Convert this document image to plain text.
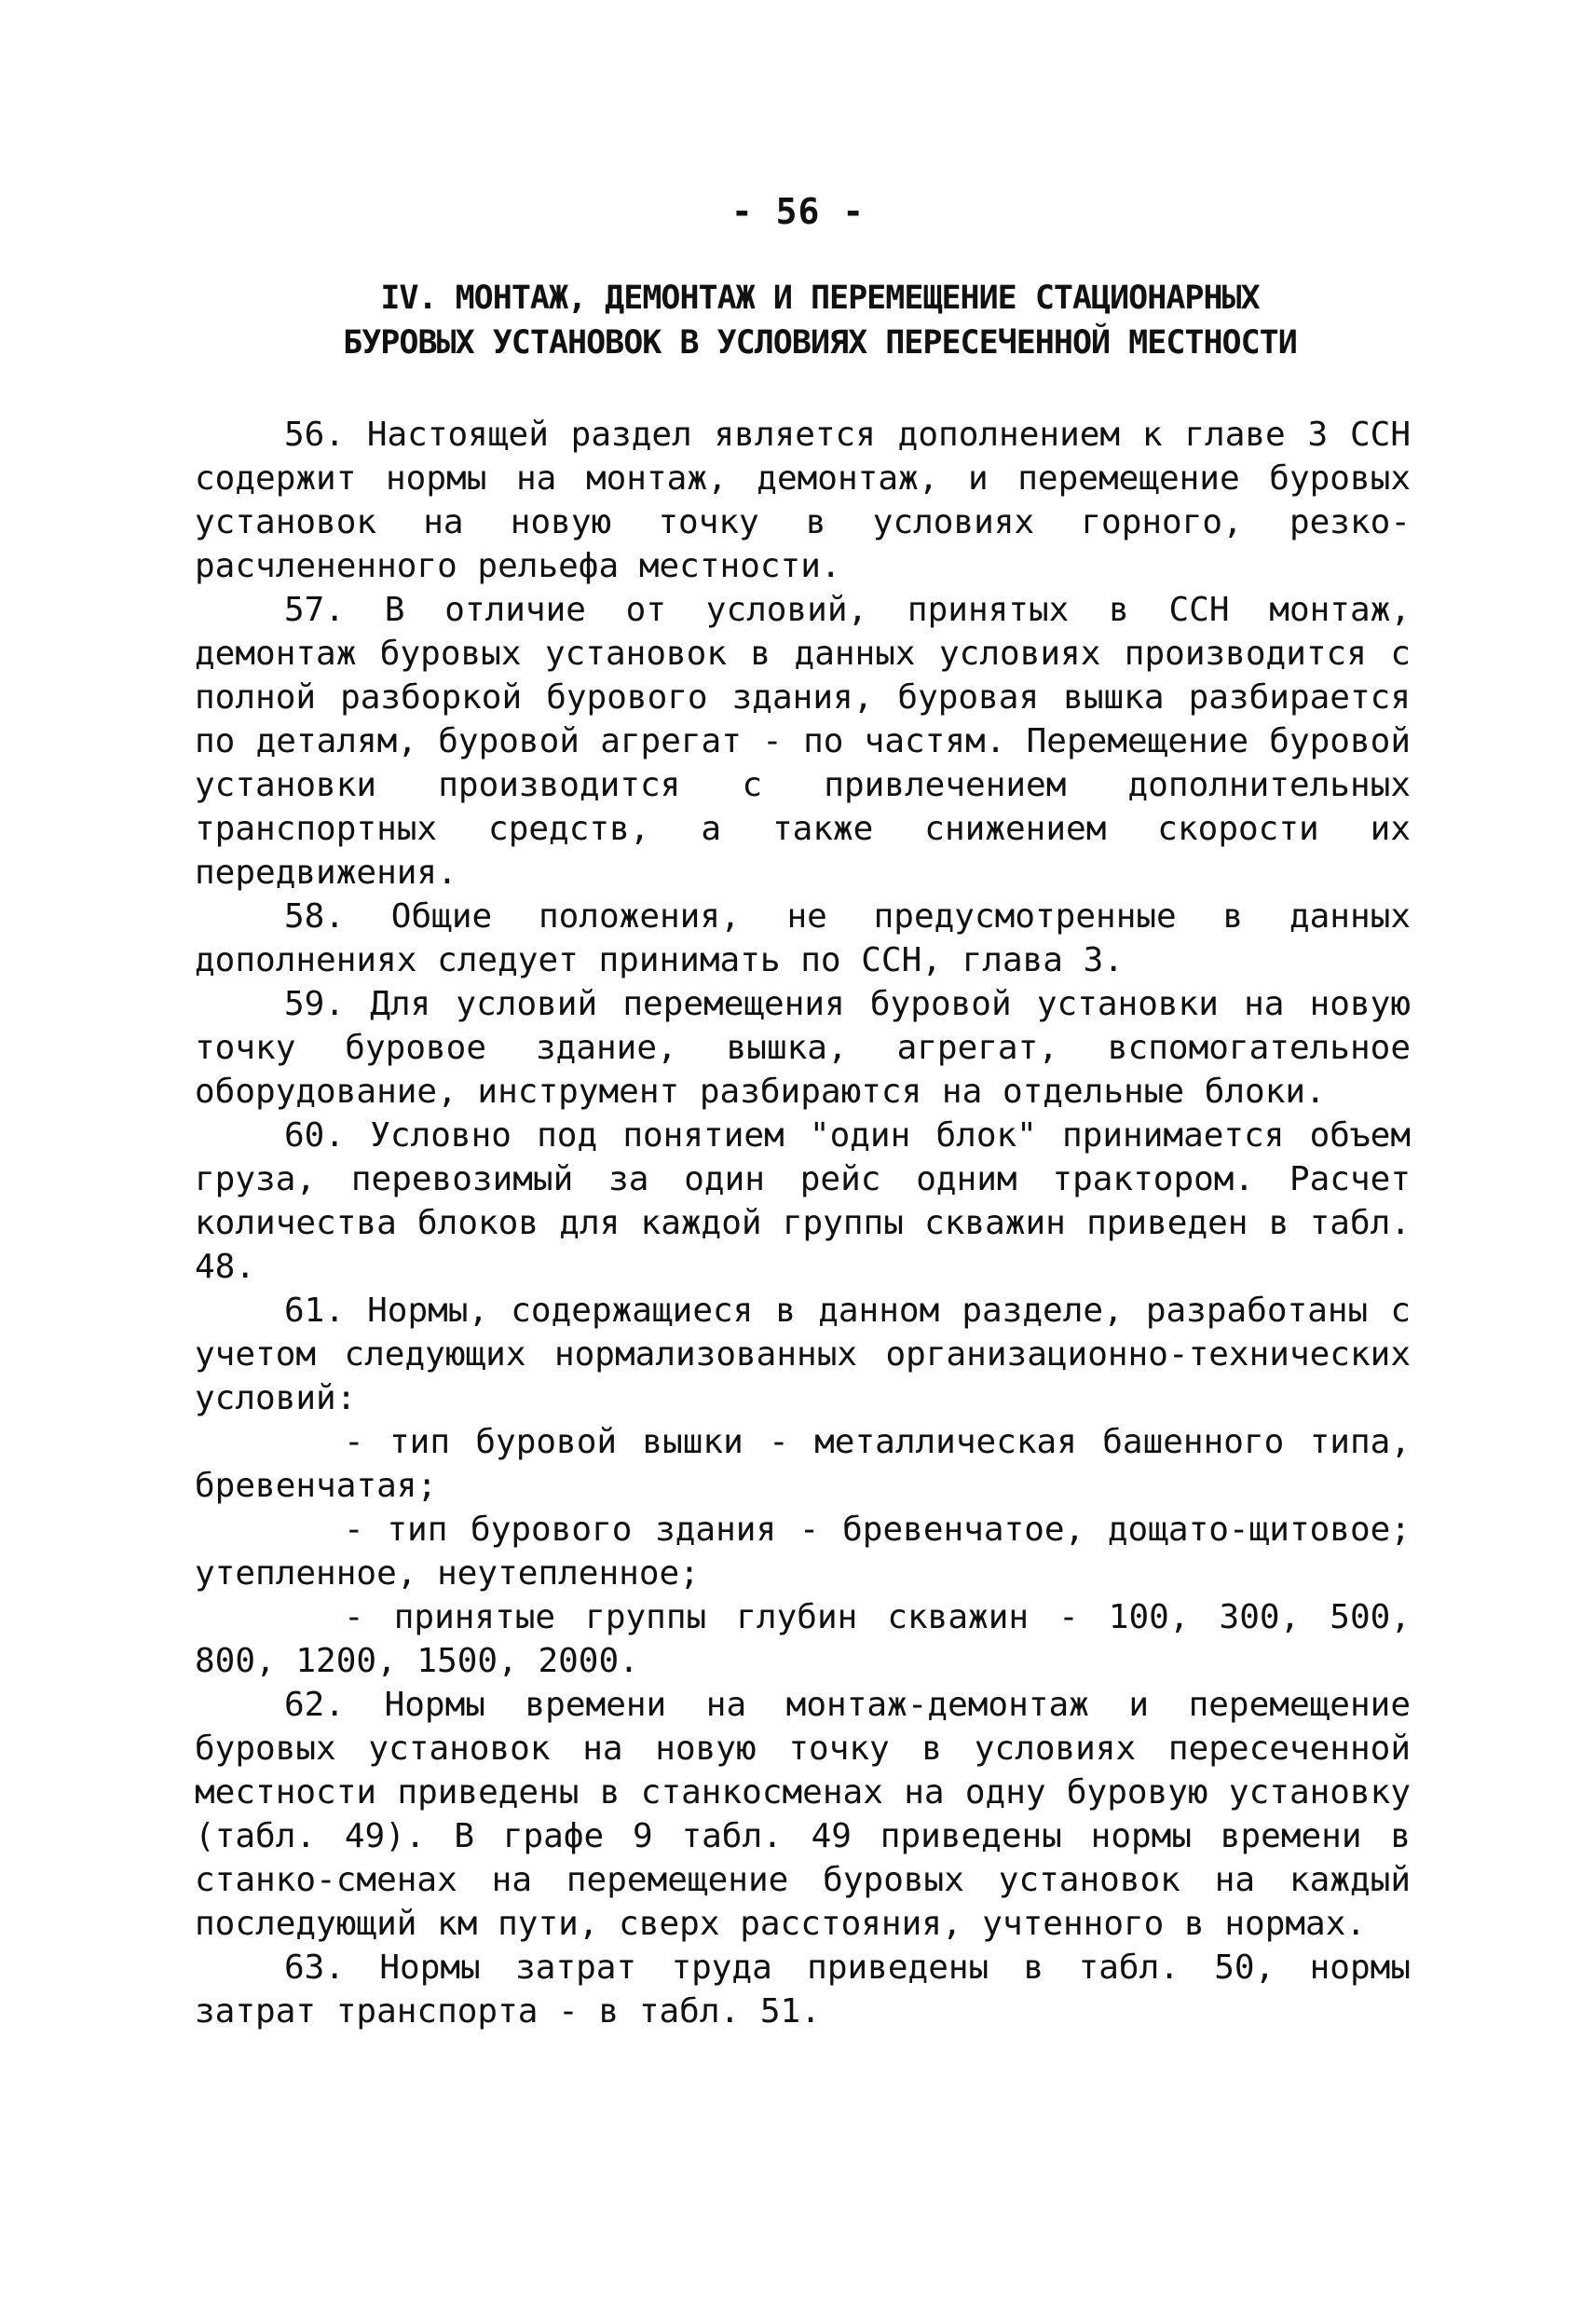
- 56 -
IV. МОНТАЖ, ДЕМОНТАЖ И ПЕРЕМЕЩЕНИЕ СТАЦИОНАРНЫХ
БУРОВЫХ УСТАНОВОК В УСЛОВИЯХ ПЕРЕСЕЧЕННОЙ МЕСТНОСТИ

56. Настоящей раздел является дополнением к главе 3 ССН содержит нормы на монтаж, демонтаж, и перемещение буровых установок на новую точку в условиях горного, резко-расчлененного рельефа местности.

57. В отличие от условий, принятых в ССН монтаж, демонтаж буровых установок в данных условиях производится с полной разборкой бурового здания, буровая вышка разбирается по деталям, буровой агрегат - по частям. Перемещение буровой установки производится с привлечением дополнительных транспортных средств, а также снижением скорости их передвижения.

58. Общие положения, не предусмотренные в данных дополнениях следует принимать по ССН, глава 3.

59. Для условий перемещения буровой установки на новую точку буровое здание, вышка, агрегат, вспомогательное оборудование, инструмент разбираются на отдельные блоки.

60. Условно под понятием "один блок" принимается объем груза, перевозимый за один рейс одним трактором. Расчет количества блоков для каждой группы скважин приведен в табл. 48.

61. Нормы, содержащиеся в данном разделе, разработаны с учетом следующих нормализованных организационно-технических условий:

- тип буровой вышки - металлическая башенного типа, бревенчатая;

- тип бурового здания - бревенчатое, дощато-щитовое; утепленное, неутепленное;

- принятые группы глубин скважин - 100, 300, 500, 800, 1200, 1500, 2000.

62. Нормы времени на монтаж-демонтаж и перемещение буровых установок на новую точку в условиях пересеченной местности приведены в станкосменах на одну буровую установку (табл. 49). В графе 9 табл. 49 приведены нормы времени в станко-сменах на перемещение буровых установок на каждый последующий км пути, сверх расстояния, учтенного в нормах.

63. Нормы затрат труда приведены в табл. 50, нормы затрат транспорта - в табл. 51.
